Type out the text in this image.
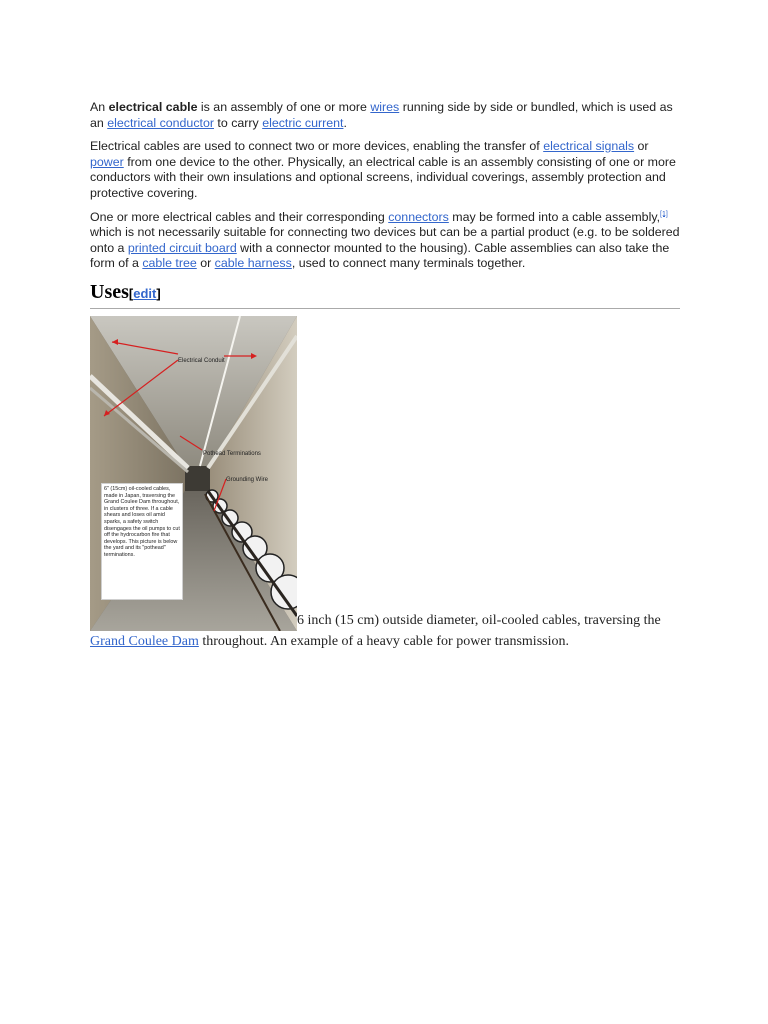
An electrical cable is an assembly of one or more wires running side by side or bundled, which is used as an electrical conductor to carry electric current.

Electrical cables are used to connect two or more devices, enabling the transfer of electrical signals or power from one device to the other. Physically, an electrical cable is an assembly consisting of one or more conductors with their own insulations and optional screens, individual coverings, assembly protection and protective covering.

One or more electrical cables and their corresponding connectors may be formed into a cable assembly,[1] which is not necessarily suitable for connecting two devices but can be a partial product (e.g. to be soldered onto a printed circuit board with a connector mounted to the housing). Cable assemblies can also take the form of a cable tree or cable harness, used to connect many terminals together.

Uses[edit]
Electrical Conduit
Pothead Terminations
Grounding Wire
6" (15cm) oil-cooled cables, made in Japan, traversing the Grand Coulee Dam throughout, in clusters of three. If a cable shears and loses oil amid sparks, a safety switch disengages the oil pumps to cut off the hydrocarbon fire that develops. This picture is below the yard and its "pothead" terminations.
6 inch (15 cm) outside diameter, oil-cooled cables, traversing the Grand Coulee Dam throughout. An example of a heavy cable for power transmission.
